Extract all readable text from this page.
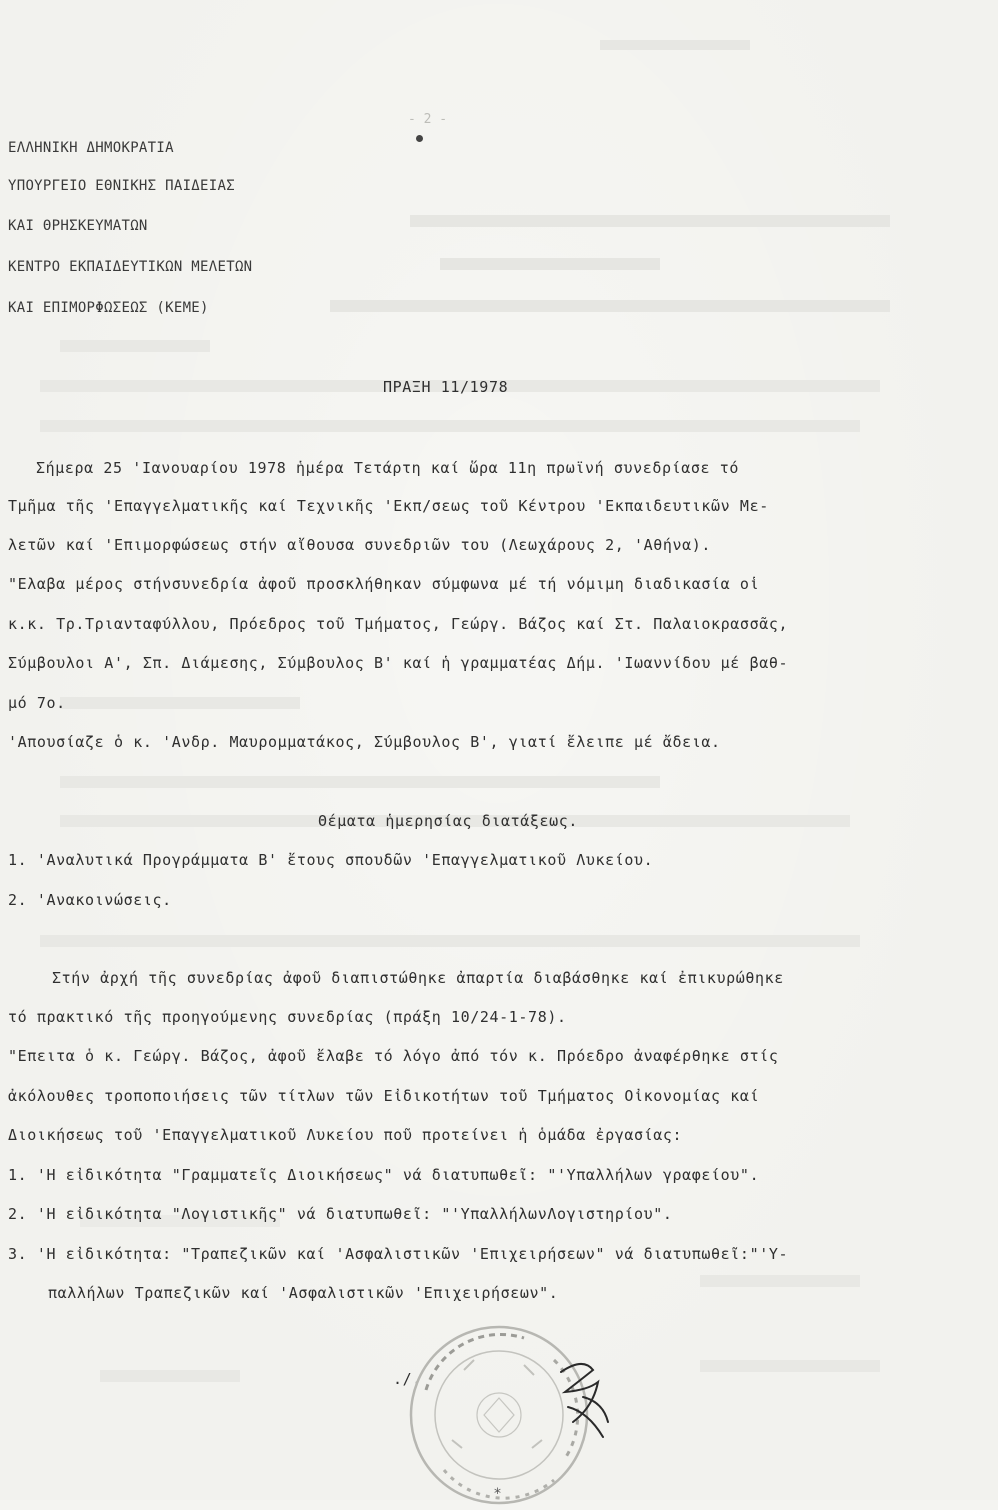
- 2 -
ΕΛΛΗΝΙΚΗ ΔΗΜΟΚΡΑΤΙΑ
ΥΠΟΥΡΓΕΙΟ ΕΘΝΙΚΗΣ ΠΑΙΔΕΙΑΣ
ΚΑΙ ΘΡΗΣΚΕΥΜΑΤΩΝ
ΚΕΝΤΡΟ ΕΚΠΑΙΔΕΥΤΙΚΩΝ ΜΕΛΕΤΩΝ
ΚΑΙ ΕΠΙΜΟΡΦΩΣΕΩΣ (ΚΕΜΕ)
ΠΡΑΞΗ 11/1978
Σήμερα 25 'Ιανουαρίου 1978 ἡμέρα Τετάρτη καί ὥρα 11η πρωϊνή συνεδρίασε τό
Τμῆμα τῆς 'Επαγγελματικῆς καί Τεχνικῆς 'Εκπ/σεως τοῦ Κέντρου 'Εκπαιδευτικῶν Με-
λετῶν καί 'Επιμορφώσεως στήν αἴθουσα συνεδριῶν του (Λεωχάρους 2, 'Αθήνα).
"Ελαβα μέρος στήνσυνεδρία ἀφοῦ προσκλήθηκαν σύμφωνα μέ τή νόμιμη διαδικασία οἱ
κ.κ. Τρ.Τριανταφύλλου, Πρόεδρος τοῦ Τμήματος, Γεώργ. Βάζος καί Στ. Παλαιοκρασσᾶς,
Σύμβουλοι Α', Σπ. Διάμεσης, Σύμβουλος Β' καί ἡ γραμματέας Δήμ. 'Ιωαννίδου μέ βαθ-
μό 7ο.
'Απουσίαζε ὁ κ. 'Ανδρ. Μαυρομματάκος, Σύμβουλος Β', γιατί ἔλειπε μέ ἄδεια.
Θέματα ἡμερησίας διατάξεως.
1. 'Αναλυτικά Προγράμματα Β' ἔτους σπουδῶν 'Επαγγελματικοῦ Λυκείου.
2. 'Ανακοινώσεις.
Στήν ἀρχή τῆς συνεδρίας ἀφοῦ διαπιστώθηκε ἀπαρτία διαβάσθηκε καί ἐπικυρώθηκε
τό πρακτικό τῆς προηγούμενης συνεδρίας (πράξη 10/24-1-78).
"Επειτα ὁ κ. Γεώργ. Βάζος, ἀφοῦ ἔλαβε τό λόγο ἀπό τόν κ. Πρόεδρο ἀναφέρθηκε στίς
ἀκόλουθες τροποποιήσεις τῶν τίτλων τῶν Εἰδικοτήτων τοῦ Τμήματος Οἰκονομίας καί
Διοικήσεως τοῦ 'Επαγγελματικοῦ Λυκείου ποῦ προτείνει ἡ ὁμάδα ἐργασίας:
1. 'Η εἰδικότητα "Γραμματεῖς Διοικήσεως" νά διατυπωθεῖ: "'Υπαλλήλων γραφείου".
2. 'Η εἰδικότητα "Λογιστικῆς" νά διατυπωθεῖ: "'ΥπαλλήλωνΛογιστηρίου".
3. 'Η εἰδικότητα: "Τραπεζικῶν καί 'Ασφαλιστικῶν 'Επιχειρήσεων" νά διατυπωθεῖ:"'Υ-
παλλήλων Τραπεζικῶν καί 'Ασφαλιστικῶν 'Επιχειρήσεων".
./.
*
